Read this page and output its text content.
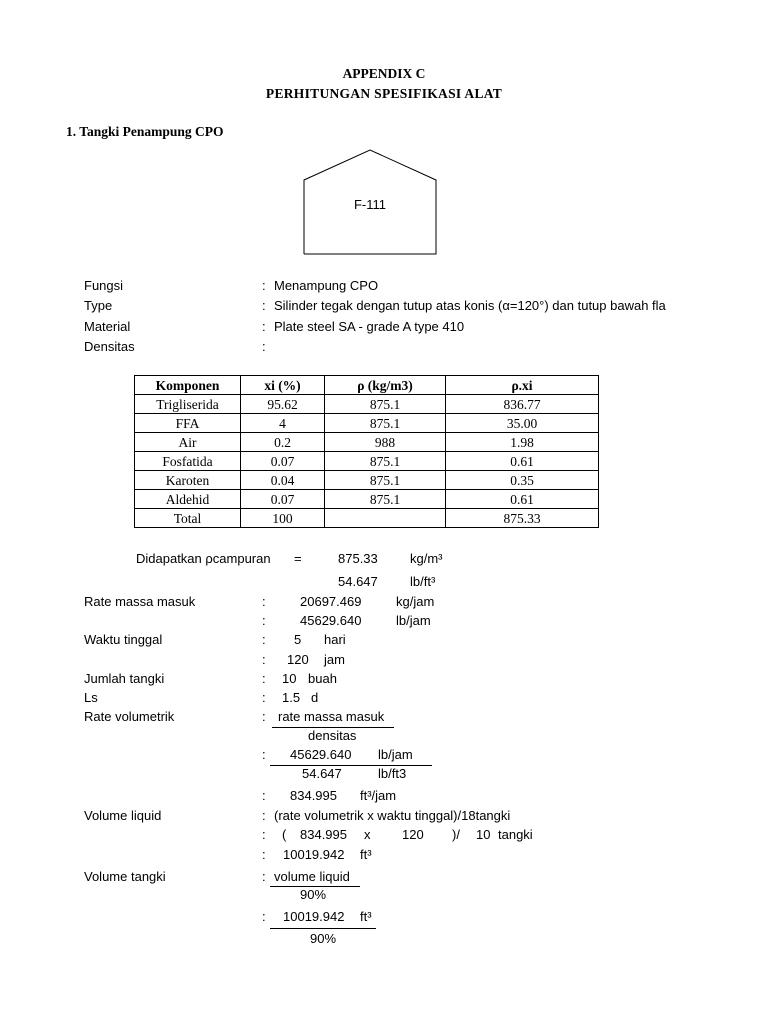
APPENDIX C
PERHITUNGAN SPESIFIKASI ALAT
1. Tangki Penampung CPO
F-111
Fungsi	: Menampung CPO
Type	: Silinder tegak dengan tutup atas konis (α=120°) dan tutup bawah fla
Material	: Plate steel SA - grade A type 410
Densitas	:
Komponen	xi (%)	ρ (kg/m3)	ρ.xi
Trigliserida	95.62	875.1	836.77
FFA	4	875.1	35.00
Air	0.2	988	1.98
Fosfatida	0.07	875.1	0.61
Karoten	0.04	875.1	0.35
Aldehid	0.07	875.1	0.61
Total	100		875.33
Didapatkan ρcampuran =	875.33 kg/m³
54.647 lb/ft³
Rate massa masuk	:	20697.469	kg/jam
:	45629.640	lb/jam
Waktu tinggal	: 5 hari
: 120 jam
Jumlah tangki	: 10 buah
Ls	: 1.5 d
Rate volumetrik	: rate massa masuk
densitas
: 45629.640 lb/jam
54.647	lb/ft3
: 834.995 ft³/jam
Volume liquid	: (rate volumetrik x waktu tinggal)/18tangki
: ( 834.995 x 120 )/ 10 tangki
: 10019.942 ft³
Volume tangki	: volume liquid
90%
: 10019.942 ft³
90%
